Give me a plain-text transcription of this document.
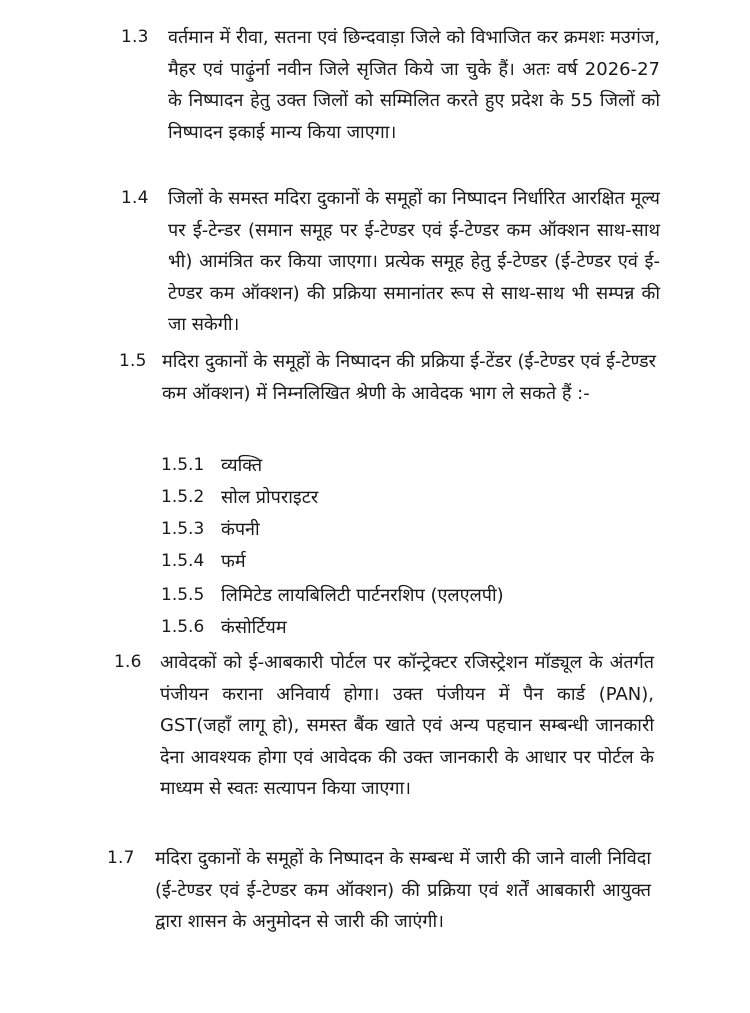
1.3 वर्तमान में रीवा, सतना एवं छिन्दवाड़ा जिले को विभाजित कर क्रमशः मउगंज, मैहर एवं पाढ़ुंर्ना नवीन जिले सृजित किये जा चुके हैं। अतः वर्ष 2026-27 के निष्पादन हेतु उक्त जिलों को सम्मिलित करते हुए प्रदेश के 55 जिलों को निष्पादन इकाई मान्य किया जाएगा।
1.4 जिलों के समस्त मदिरा दुकानों के समूहों का निष्पादन निर्धारित आरक्षित मूल्य पर ई-टेन्डर (समान समूह पर ई-टेण्डर एवं ई-टेण्डर कम ऑक्शन साथ-साथ भी) आमंत्रित कर किया जाएगा। प्रत्येक समूह हेतु ई-टेण्डर (ई-टेण्डर एवं ई-टेण्डर कम ऑक्शन) की प्रक्रिया समानांतर रूप से साथ-साथ भी सम्पन्न की जा सकेगी।
1.5 मदिरा दुकानों के समूहों के निष्पादन की प्रक्रिया ई-टेंडर (ई-टेण्डर एवं ई-टेण्डर कम ऑक्शन) में निम्नलिखित श्रेणी के आवेदक भाग ले सकते हैं :-
1.5.1 व्यक्ति
1.5.2 सोल प्रोपराइटर
1.5.3 कंपनी
1.5.4 फर्म
1.5.5 लिमिटेड लायबिलिटी पार्टनरशिप (एलएलपी)
1.5.6 कंसोर्टियम
1.6 आवेदकों को ई-आबकारी पोर्टल पर कॉन्ट्रेक्टर रजिस्ट्रेशन मॉड्यूल के अंतर्गत पंजीयन कराना अनिवार्य होगा। उक्त पंजीयन में पैन कार्ड (PAN), GST(जहाँ लागू हो), समस्त बैंक खाते एवं अन्य पहचान सम्बन्धी जानकारी देना आवश्यक होगा एवं आवेदक की उक्त जानकारी के आधार पर पोर्टल के माध्यम से स्वतः सत्यापन किया जाएगा।
1.7 मदिरा दुकानों के समूहों के निष्पादन के सम्बन्ध में जारी की जाने वाली निविदा (ई-टेण्डर एवं ई-टेण्डर कम ऑक्शन) की प्रक्रिया एवं शर्तें आबकारी आयुक्त द्वारा शासन के अनुमोदन से जारी की जाएंगी।
